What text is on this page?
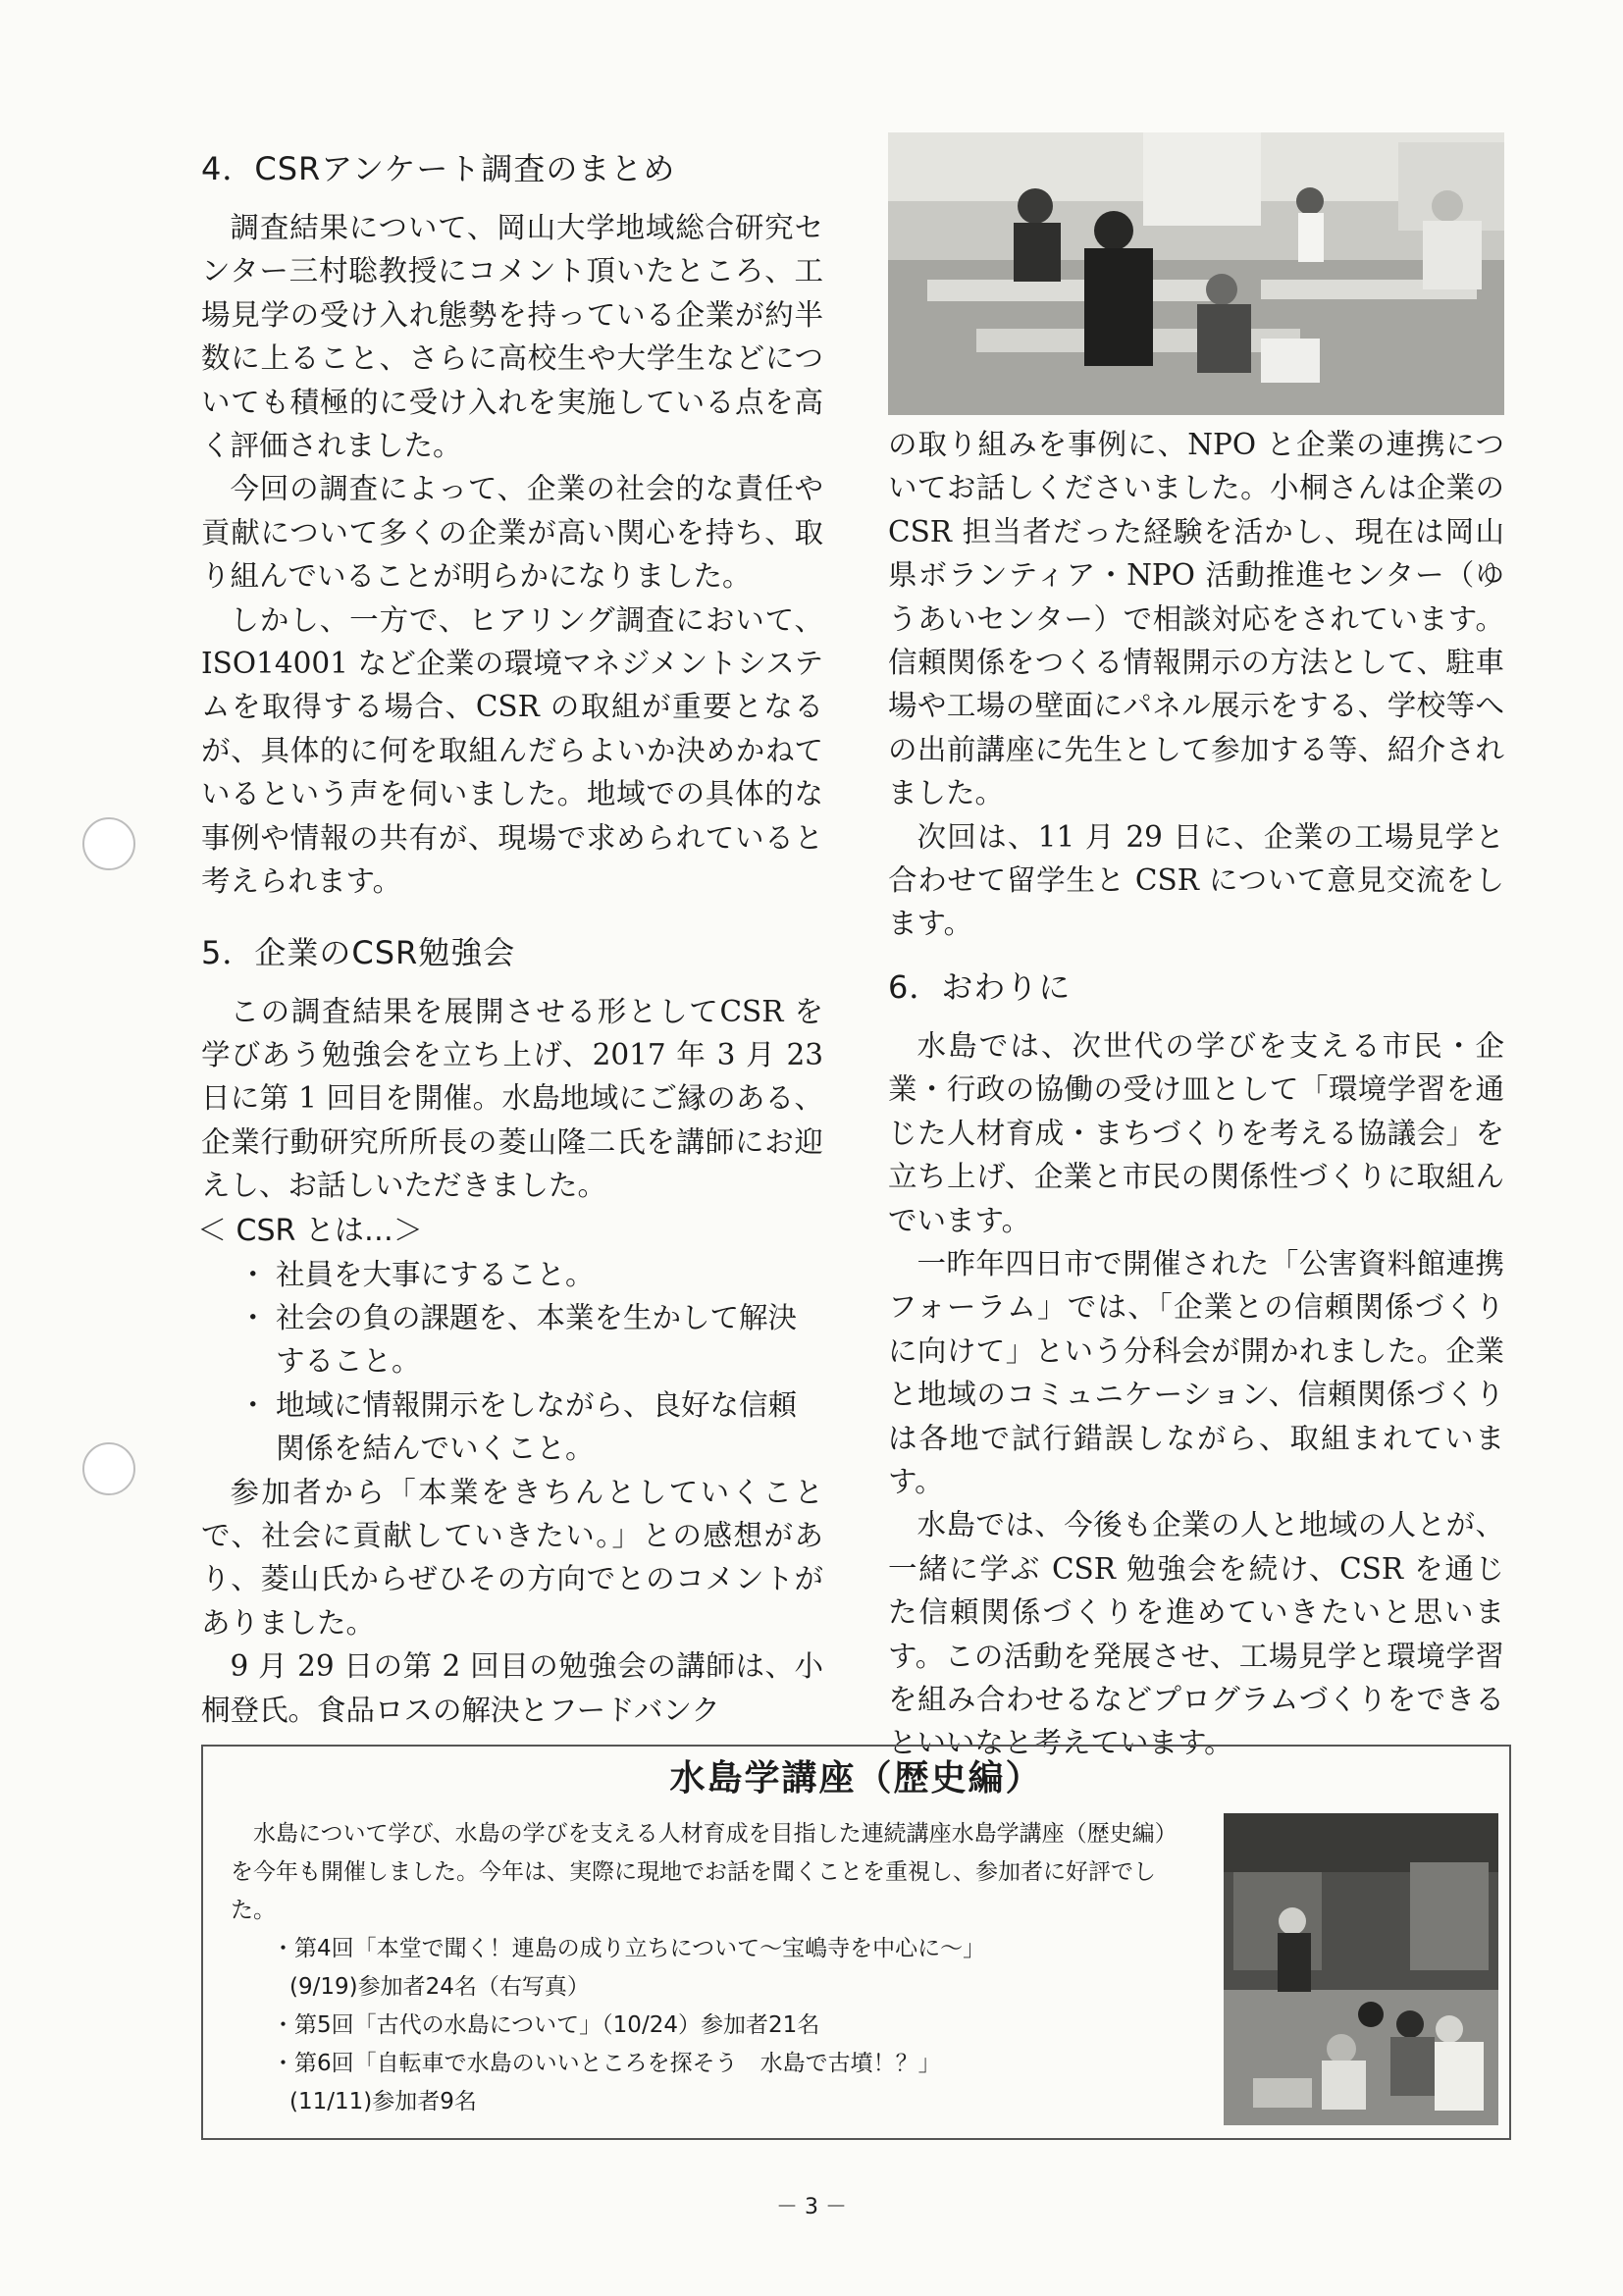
4．CSRアンケート調査のまとめ

調査結果について、岡山大学地域総合研究センター三村聡教授にコメント頂いたところ、工場見学の受け入れ態勢を持っている企業が約半数に上ること、さらに高校生や大学生などについても積極的に受け入れを実施している点を高く評価されました。

今回の調査によって、企業の社会的な責任や貢献について多くの企業が高い関心を持ち、取り組んでいることが明らかになりました。

しかし、一方で、ヒアリング調査において、ISO14001 など企業の環境マネジメントシステムを取得する場合、CSR の取組が重要となるが、具体的に何を取組んだらよいか決めかねているという声を伺いました。地域での具体的な事例や情報の共有が、現場で求められていると考えられます。

5．企業のCSR勉強会

この調査結果を展開させる形としてCSR を学びあう勉強会を立ち上げ、2017 年 3 月 23 日に第 1 回目を開催。水島地域にご縁のある、企業行動研究所所長の菱山隆二氏を講師にお迎えし、お話しいただきました。

＜ CSR とは…＞

・ 社員を大事にすること。
・ 社会の負の課題を、本業を生かして解決すること。
・ 地域に情報開示をしながら、良好な信頼関係を結んでいくこと。

参加者から「本業をきちんとしていくことで、社会に貢献していきたい。」との感想があり、菱山氏からぜひその方向でとのコメントがありました。

9 月 29 日の第 2 回目の勉強会の講師は、小桐登氏。食品ロスの解決とフードバンク

の取り組みを事例に、NPO と企業の連携についてお話しくださいました。小桐さんは企業の CSR 担当者だった経験を活かし、現在は岡山県ボランティア・NPO 活動推進センター（ゆうあいセンター）で相談対応をされています。信頼関係をつくる情報開示の方法として、駐車場や工場の壁面にパネル展示をする、学校等への出前講座に先生として参加する等、紹介されました。

次回は、11 月 29 日に、企業の工場見学と合わせて留学生と CSR について意見交流をします。

6．おわりに

水島では、次世代の学びを支える市民・企業・行政の協働の受け皿として「環境学習を通じた人材育成・まちづくりを考える協議会」を立ち上げ、企業と市民の関係性づくりに取組んでいます。

一昨年四日市で開催された「公害資料館連携フォーラム」では、「企業との信頼関係づくりに向けて」という分科会が開かれました。企業と地域のコミュニケーション、信頼関係づくりは各地で試行錯誤しながら、取組まれています。

水島では、今後も企業の人と地域の人とが、一緒に学ぶ CSR 勉強会を続け、CSR を通じた信頼関係づくりを進めていきたいと思います。この活動を発展させ、工場見学と環境学習を組み合わせるなどプログラムづくりをできるといいなと考えています。

水島学講座（歴史編）
水島について学び、水島の学びを支える人材育成を目指した連続講座水島学講座（歴史編）を今年も開催しました。今年は、実際に現地でお話を聞くことを重視し、参加者に好評でした。
・第4回「本堂で聞く！連島の成り立ちについて～宝嶋寺を中心に～」
(9/19)参加者24名（右写真）
・第5回「古代の水島について」（10/24）参加者21名
・第6回「自転車で水島のいいところを探そう　水島で古墳！？」
(11/11)参加者9名
－ 3 －
